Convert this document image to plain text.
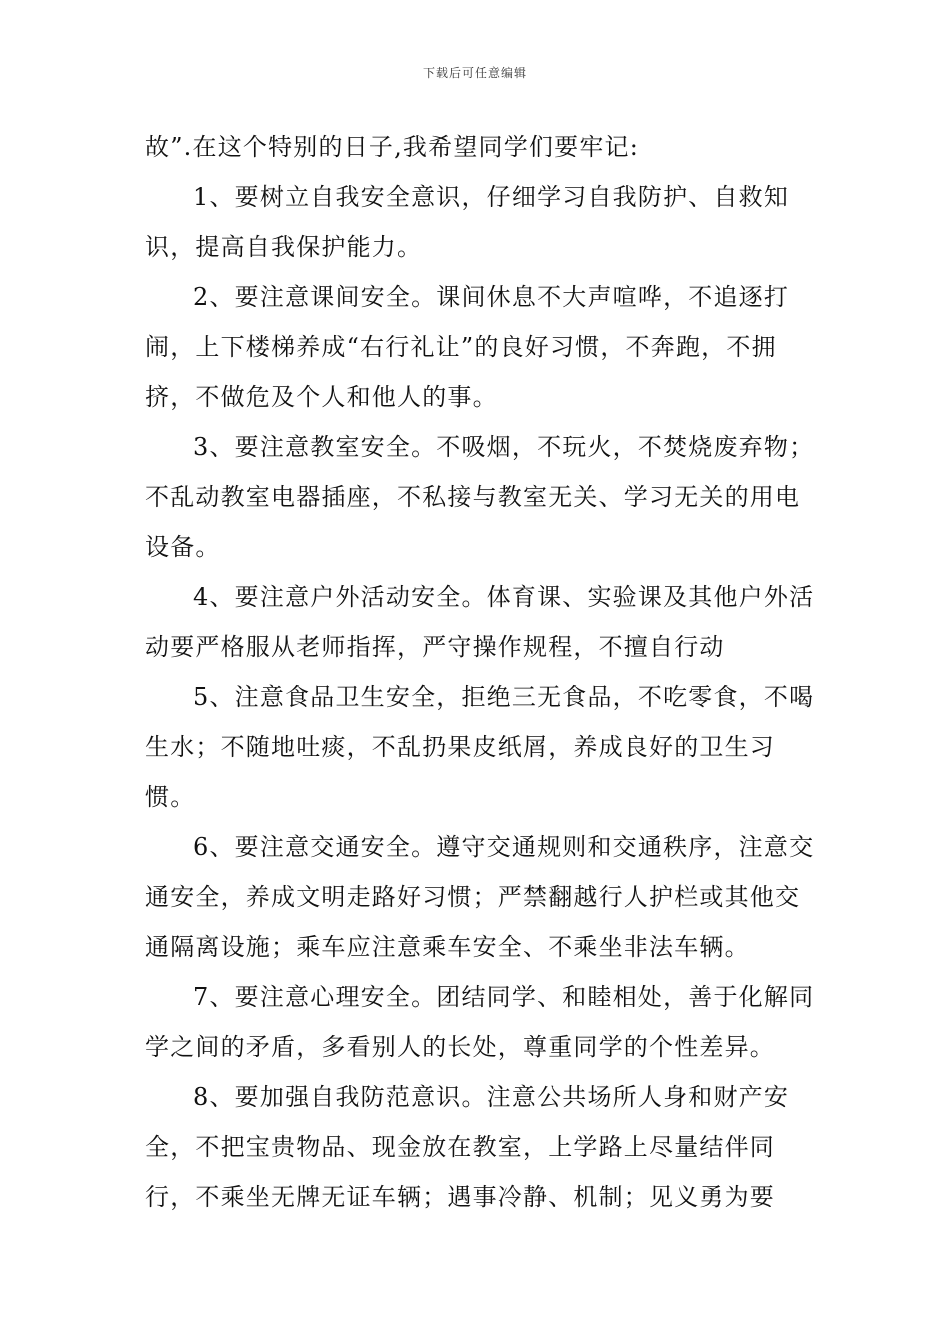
下载后可任意编辑

故”.在这个特别的日子,我希望同学们要牢记:

1、要树立自我安全意识，仔细学习自我防护、自救知识，提高自我保护能力。

2、要注意课间安全。课间休息不大声喧哗，不追逐打闹，上下楼梯养成“右行礼让”的良好习惯，不奔跑，不拥挤，不做危及个人和他人的事。

3、要注意教室安全。不吸烟，不玩火，不焚烧废弃物；不乱动教室电器插座，不私接与教室无关、学习无关的用电设备。

4、要注意户外活动安全。体育课、实验课及其他户外活动要严格服从老师指挥，严守操作规程，不擅自行动

5、注意食品卫生安全，拒绝三无食品，不吃零食，不喝生水；不随地吐痰，不乱扔果皮纸屑，养成良好的卫生习惯。

6、要注意交通安全。遵守交通规则和交通秩序，注意交通安全，养成文明走路好习惯；严禁翻越行人护栏或其他交通隔离设施；乘车应注意乘车安全、不乘坐非法车辆。

7、要注意心理安全。团结同学、和睦相处，善于化解同学之间的矛盾，多看别人的长处，尊重同学的个性差异。

8、要加强自我防范意识。注意公共场所人身和财产安全，不把宝贵物品、现金放在教室，上学路上尽量结伴同行，不乘坐无牌无证车辆；遇事冷静、机制；见义勇为要
